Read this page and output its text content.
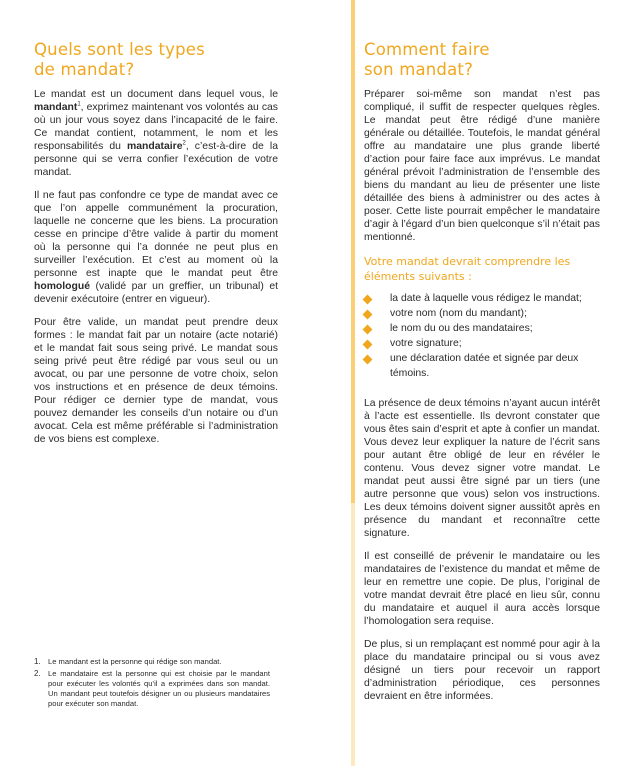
Quels sont les types
de mandat?

Le mandat est un document dans lequel vous, le mandant$^1$, exprimez maintenant vos volontés au cas où un jour vous soyez dans l’incapacité de le faire. Ce mandat contient, notamment, le nom et les responsabilités du mandataire$^2$, c’est-à-dire de la personne qui se verra confier l’exécution de votre mandat.

Il ne faut pas confondre ce type de mandat avec ce que l’on appelle communément la procuration, laquelle ne concerne que les biens. La procuration cesse en principe d’être valide à partir du moment où la personne qui l’a donnée ne peut plus en surveiller l’exécution. Et c’est au moment où la personne est inapte que le mandat peut être homologué (validé par un greffier, un tribunal) et devenir exécutoire (entrer en vigueur).

Pour être valide, un mandat peut prendre deux formes : le mandat fait par un notaire (acte notarié) et le mandat fait sous seing privé. Le mandat sous seing privé peut être rédigé par vous seul ou un avocat, ou par une personne de votre choix, selon vos instructions et en présence de deux témoins. Pour rédiger ce dernier type de mandat, vous pouvez demander les conseils d’un notaire ou d’un avocat. Cela est même préférable si l’administration de vos biens est complexe.

1. Le mandant est la personne qui rédige son mandat.
2. Le mandataire est la personne qui est choisie par le mandant pour exécuter les volontés qu’il a exprimées dans son mandat. Un mandant peut toutefois désigner un ou plusieurs mandataires pour exécuter son mandat.
Comment faire
son mandat?

Préparer soi-même son mandat n’est pas compliqué, il suffit de respecter quelques règles. Le mandat peut être rédigé d’une manière générale ou détaillée. Toutefois, le mandat général offre au mandataire une plus grande liberté d’action pour faire face aux imprévus. Le mandat général prévoit l’administration de l’ensemble des biens du mandant au lieu de présenter une liste détaillée des biens à administrer ou des actes à poser. Cette liste pourrait empêcher le mandataire d’agir à l’égard d’un bien quelconque s’il n’était pas mentionné.

Votre mandat devrait comprendre les
éléments suivants :
la date à laquelle vous rédigez le mandat;
votre nom (nom du mandant);
le nom du ou des mandataires;
votre signature;
une déclaration datée et signée par deux témoins.

La présence de deux témoins n’ayant aucun intérêt à l’acte est essentielle. Ils devront constater que vous êtes sain d’esprit et apte à confier un mandat. Vous devez leur expliquer la nature de l’écrit sans pour autant être obligé de leur en révéler le contenu. Vous devez signer votre mandat. Le mandat peut aussi être signé par un tiers (une autre personne que vous) selon vos instructions. Les deux témoins doivent signer aussitôt après en présence du mandant et reconnaître cette signature.

Il est conseillé de prévenir le mandataire ou les mandataires de l’existence du mandat et même de leur en remettre une copie. De plus, l’original de votre mandat devrait être placé en lieu sûr, connu du mandataire et auquel il aura accès lorsque l’homologation sera requise.

De plus, si un remplaçant est nommé pour agir à la place du mandataire principal ou si vous avez désigné un tiers pour recevoir un rapport d’administration périodique, ces personnes devraient en être informées.
